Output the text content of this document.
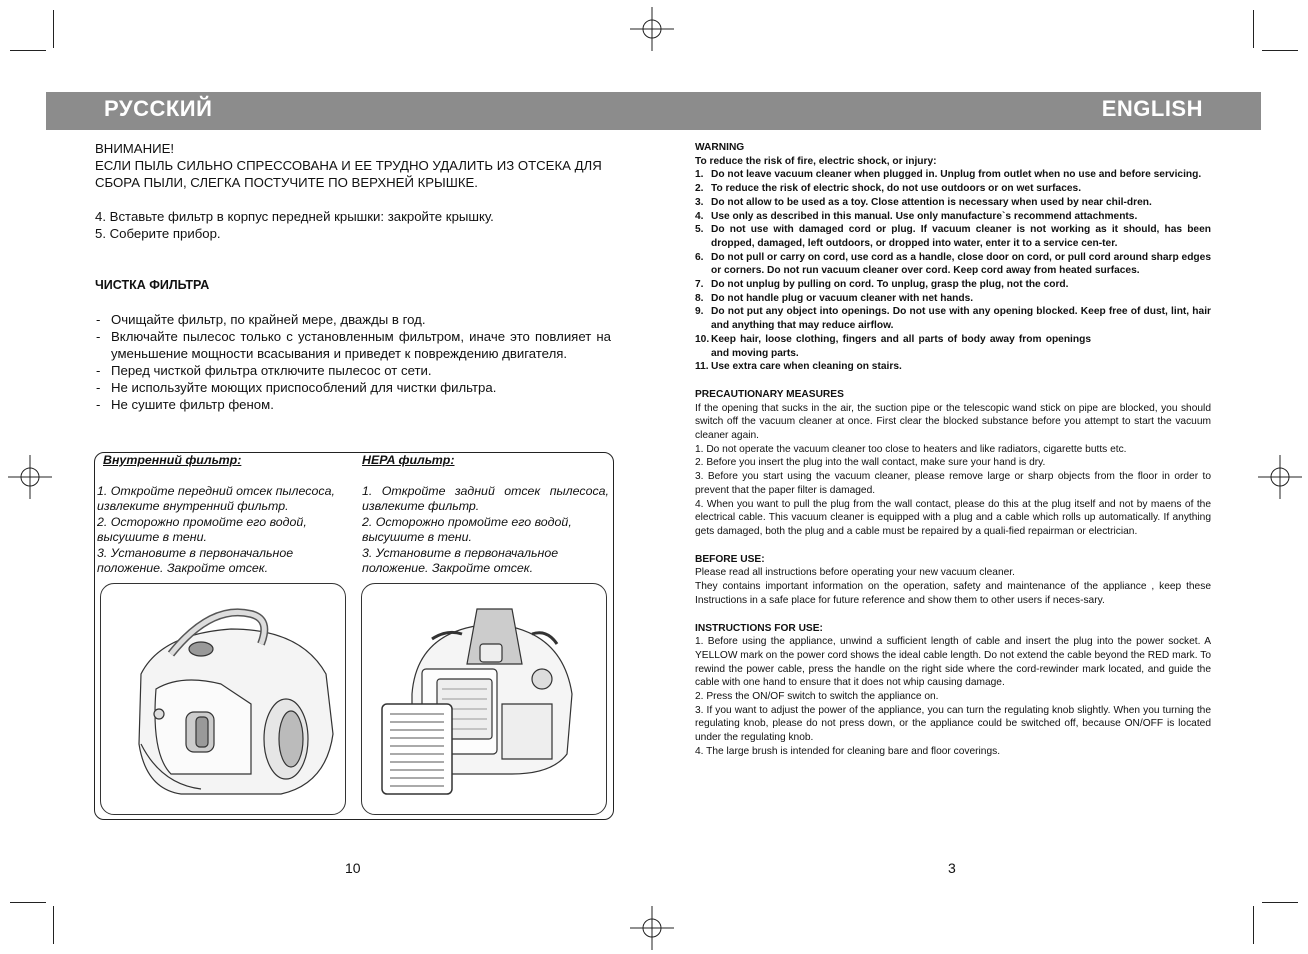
РУССКИЙ	ENGLISH

ВНИМАНИЕ!

ЕСЛИ ПЫЛЬ СИЛЬНО СПРЕССОВАНА И ЕЕ ТРУДНО УДАЛИТЬ ИЗ ОТСЕКА ДЛЯ СБОРА ПЫЛИ, СЛЕГКА ПОСТУЧИТЕ ПО ВЕРХНЕЙ КРЫШКЕ.

4. Вставьте фильтр в корпус передней крышки: закройте крышку.

5. Соберите прибор.

ЧИСТКА ФИЛЬТРА

- Очищайте фильтр, по крайней мере, дважды в год.
- Включайте пылесос только с установленным фильтром, иначе это повлияет на уменьшение мощности всасывания и приведет к повреждению двигателя.
- Перед чисткой фильтра отключите пылесос от сети.
- Не используйте моющих приспособлений для чистки фильтра.
- Не сушите фильтр феном.

Внутренний фильтр:

1. Откройте передний отсек пылесоса, извлеките внутренний фильтр.

2. Осторожно промойте его водой, высушите в тени.

3. Установите в первоначальное положение. Закройте отсек.

HEPA фильтр:

1. Откройте задний отсек пылесоса, извлеките фильтр.

2. Осторожно промойте его водой, высушите в тени.

3. Установите в первоначальное положение. Закройте отсек.

10	3

WARNING

To reduce the risk of fire, electric shock, or injury:

1. Do not leave vacuum cleaner when plugged in. Unplug from outlet when no use and before servicing.
2. To reduce the risk of electric shock, do not use outdoors or on wet surfaces.
3. Do not allow to be used as a toy. Close attention is necessary when used by near chil-dren.
4. Use only as described in this manual. Use only manufacture`s recommend attachments.
5. Do not use with damaged cord or plug. If vacuum cleaner is not working as it should, has been dropped, damaged, left outdoors, or dropped into water, enter it to a service cen-ter.
6. Do not pull or carry on cord, use cord as a handle, close door on cord, or pull cord around sharp edges or corners. Do not run vacuum cleaner over cord. Keep cord away from heated surfaces.
7. Do not unplug by pulling on cord. To unplug, grasp the plug, not the cord.
8. Do not handle plug or vacuum cleaner with net hands.
9. Do not put any object into openings. Do not use with any opening blocked. Keep free of dust, lint, hair and anything that may reduce airflow.
10. Keep hair, loose clothing, fingers and all parts of body away from openings and moving parts.
11. Use extra care when cleaning on stairs.

PRECAUTIONARY MEASURES

If the opening that sucks in the air, the suction pipe or the telescopic wand stick on pipe are blocked, you should switch off the vacuum cleaner at once. First clear the blocked substance before you attempt to start the vacuum cleaner again.

1. Do not operate the vacuum cleaner too close to heaters and like radiators, cigarette butts etc.

2. Before you insert the plug into the wall contact, make sure your hand is dry.

3. Before you start using the vacuum cleaner, please remove large or sharp objects from the floor in order to prevent that the paper filter is damaged.

4. When you want to pull the plug from the wall contact, please do this at the plug itself and not by maens of the electrical cable. This vacuum cleaner is equipped with a plug and a cable which rolls up automatically. If anything gets damaged, both the plug and a cable must be repaired by a quali-fied repairman or electrician.

BEFORE USE:

Please read all instructions before operating your new vacuum cleaner.

They contains important information on the operation, safety and maintenance of the appliance , keep these Instructions in a safe place for future reference and show them to other users if neces-sary.

INSTRUCTIONS FOR USE:

1. Before using the appliance, unwind a sufficient length of cable and insert the plug into the power socket. A YELLOW mark on the power cord shows the ideal cable length. Do not extend the cable beyond the RED mark. To rewind the power cable, press the handle on the right side where the cord-rewinder mark located, and guide the cable with one hand to ensure that it does not whip causing damage.

2. Press the ON/OF switch to switch the appliance on.

3. If you want to adjust the power of the appliance, you can turn the regulating knob slightly. When you turning the regulating knob, please do not press down, or the appliance could be switched off, because ON/OFF is located under the regulating knob.

4. The large brush is intended for cleaning bare and floor coverings.
